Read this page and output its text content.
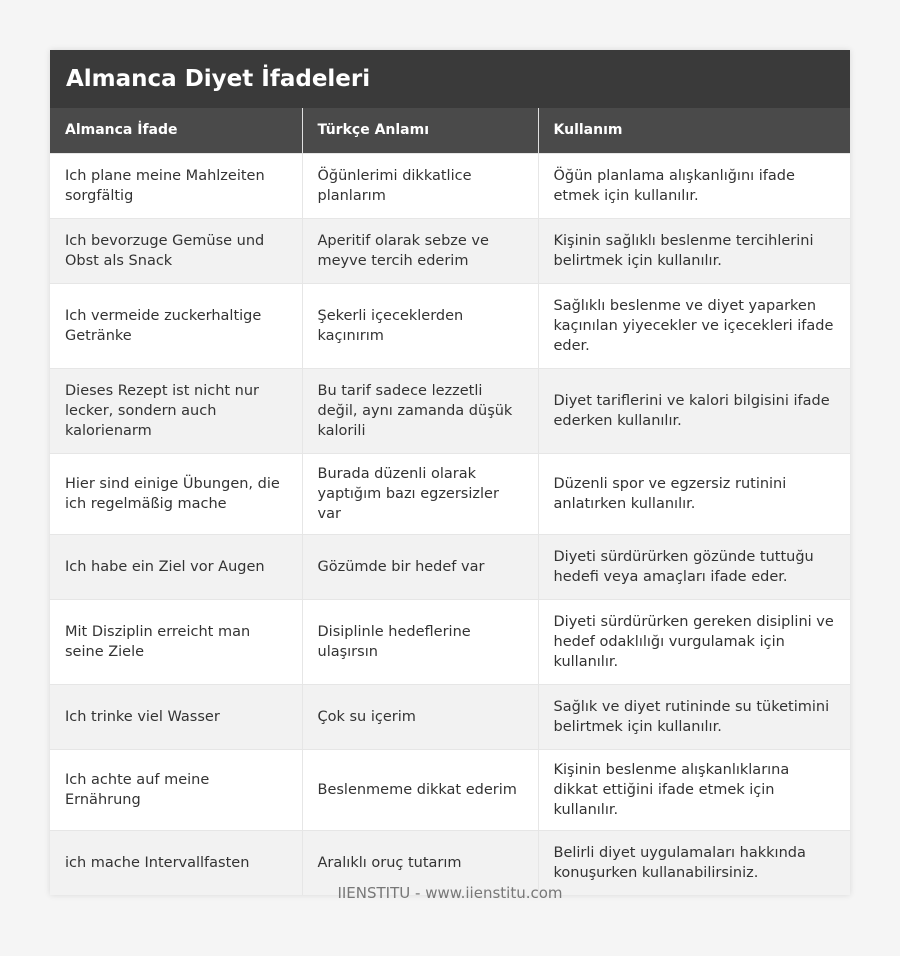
Almanca Diyet İfadeleri
Almanca İfade	Türkçe Anlamı	Kullanım
Ich plane meine Mahlzeiten sorgfältig	Öğünlerimi dikkatlice planlarım	Öğün planlama alışkanlığını ifade etmek için kullanılır.
Ich bevorzuge Gemüse und Obst als Snack	Aperitif olarak sebze ve meyve tercih ederim	Kişinin sağlıklı beslenme tercihlerini belirtmek için kullanılır.
Ich vermeide zuckerhaltige Getränke	Şekerli içeceklerden kaçınırım	Sağlıklı beslenme ve diyet yaparken kaçınılan yiyecekler ve içecekleri ifade eder.
Dieses Rezept ist nicht nur lecker, sondern auch kalorienarm	Bu tarif sadece lezzetli değil, aynı zamanda düşük kalorili	Diyet tariflerini ve kalori bilgisini ifade ederken kullanılır.
Hier sind einige Übungen, die ich regelmäßig mache	Burada düzenli olarak yaptığım bazı egzersizler var	Düzenli spor ve egzersiz rutinini anlatırken kullanılır.
Ich habe ein Ziel vor Augen	Gözümde bir hedef var	Diyeti sürdürürken gözünde tuttuğu hedefi veya amaçları ifade eder.
Mit Disziplin erreicht man seine Ziele	Disiplinle hedeflerine ulaşırsın	Diyeti sürdürürken gereken disiplini ve hedef odaklılığı vurgulamak için kullanılır.
Ich trinke viel Wasser	Çok su içerim	Sağlık ve diyet rutininde su tüketimini belirtmek için kullanılır.
Ich achte auf meine Ernährung	Beslenmeme dikkat ederim	Kişinin beslenme alışkanlıklarına dikkat ettiğini ifade etmek için kullanılır.
ich mache Intervallfasten	Aralıklı oruç tutarım	Belirli diyet uygulamaları hakkında konuşurken kullanabilirsiniz.
IIENSTITU - www.iienstitu.com
